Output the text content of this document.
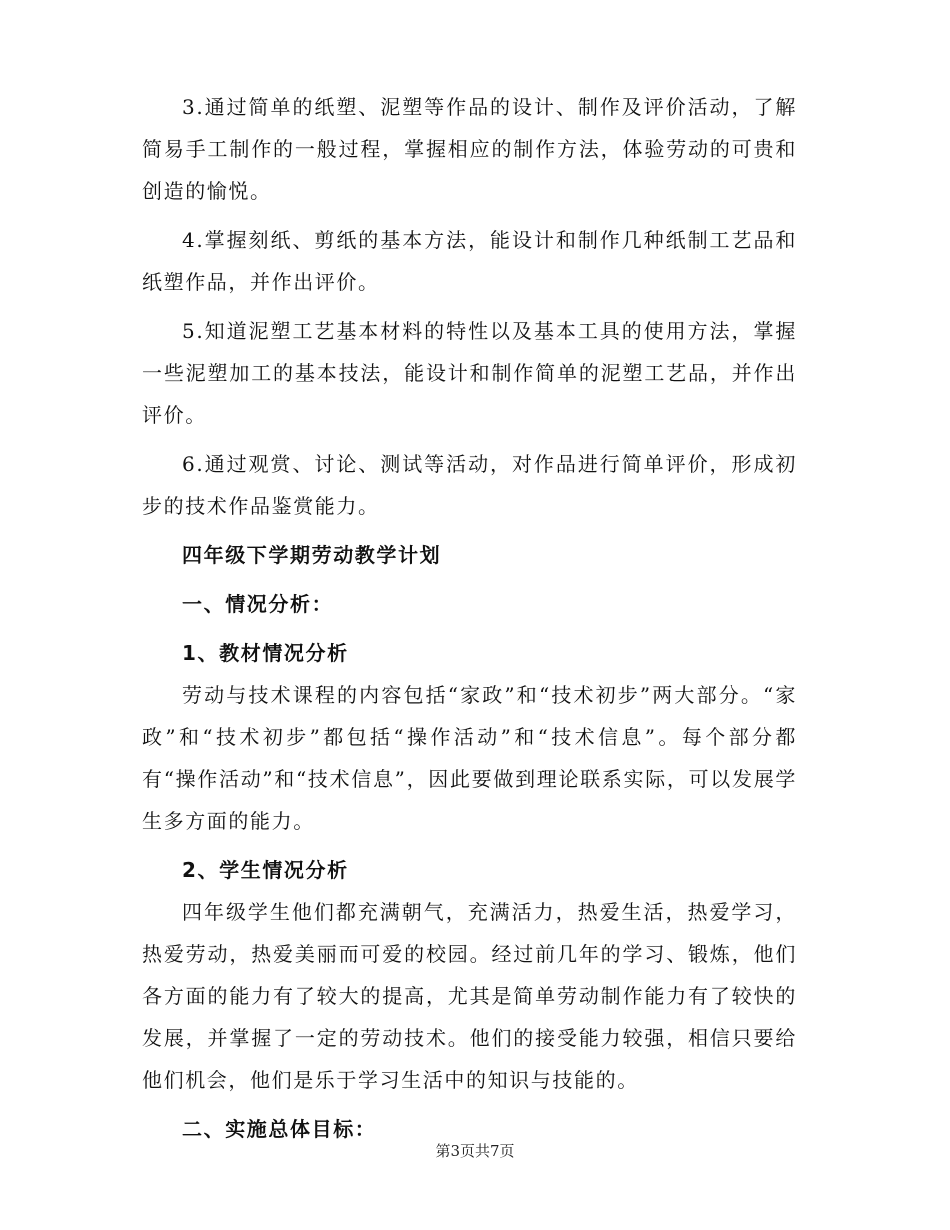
3.通过简单的纸塑、泥塑等作品的设计、制作及评价活动，了解简易手工制作的一般过程，掌握相应的制作方法，体验劳动的可贵和创造的愉悦。

4.掌握刻纸、剪纸的基本方法，能设计和制作几种纸制工艺品和纸塑作品，并作出评价。

5.知道泥塑工艺基本材料的特性以及基本工具的使用方法，掌握一些泥塑加工的基本技法，能设计和制作简单的泥塑工艺品，并作出评价。

6.通过观赏、讨论、测试等活动，对作品进行简单评价，形成初步的技术作品鉴赏能力。

四年级下学期劳动教学计划

一、情况分析：

1、教材情况分析

劳动与技术课程的内容包括“家政”和“技术初步”两大部分。“家政”和“技术初步”都包括“操作活动”和“技术信息”。每个部分都有“操作活动”和“技术信息”，因此要做到理论联系实际，可以发展学生多方面的能力。

2、学生情况分析

四年级学生他们都充满朝气，充满活力，热爱生活，热爱学习，热爱劳动，热爱美丽而可爱的校园。经过前几年的学习、锻炼，他们各方面的能力有了较大的提高，尤其是简单劳动制作能力有了较快的发展，并掌握了一定的劳动技术。他们的接受能力较强，相信只要给他们机会，他们是乐于学习生活中的知识与技能的。

二、实施总体目标：

第3页共7页
